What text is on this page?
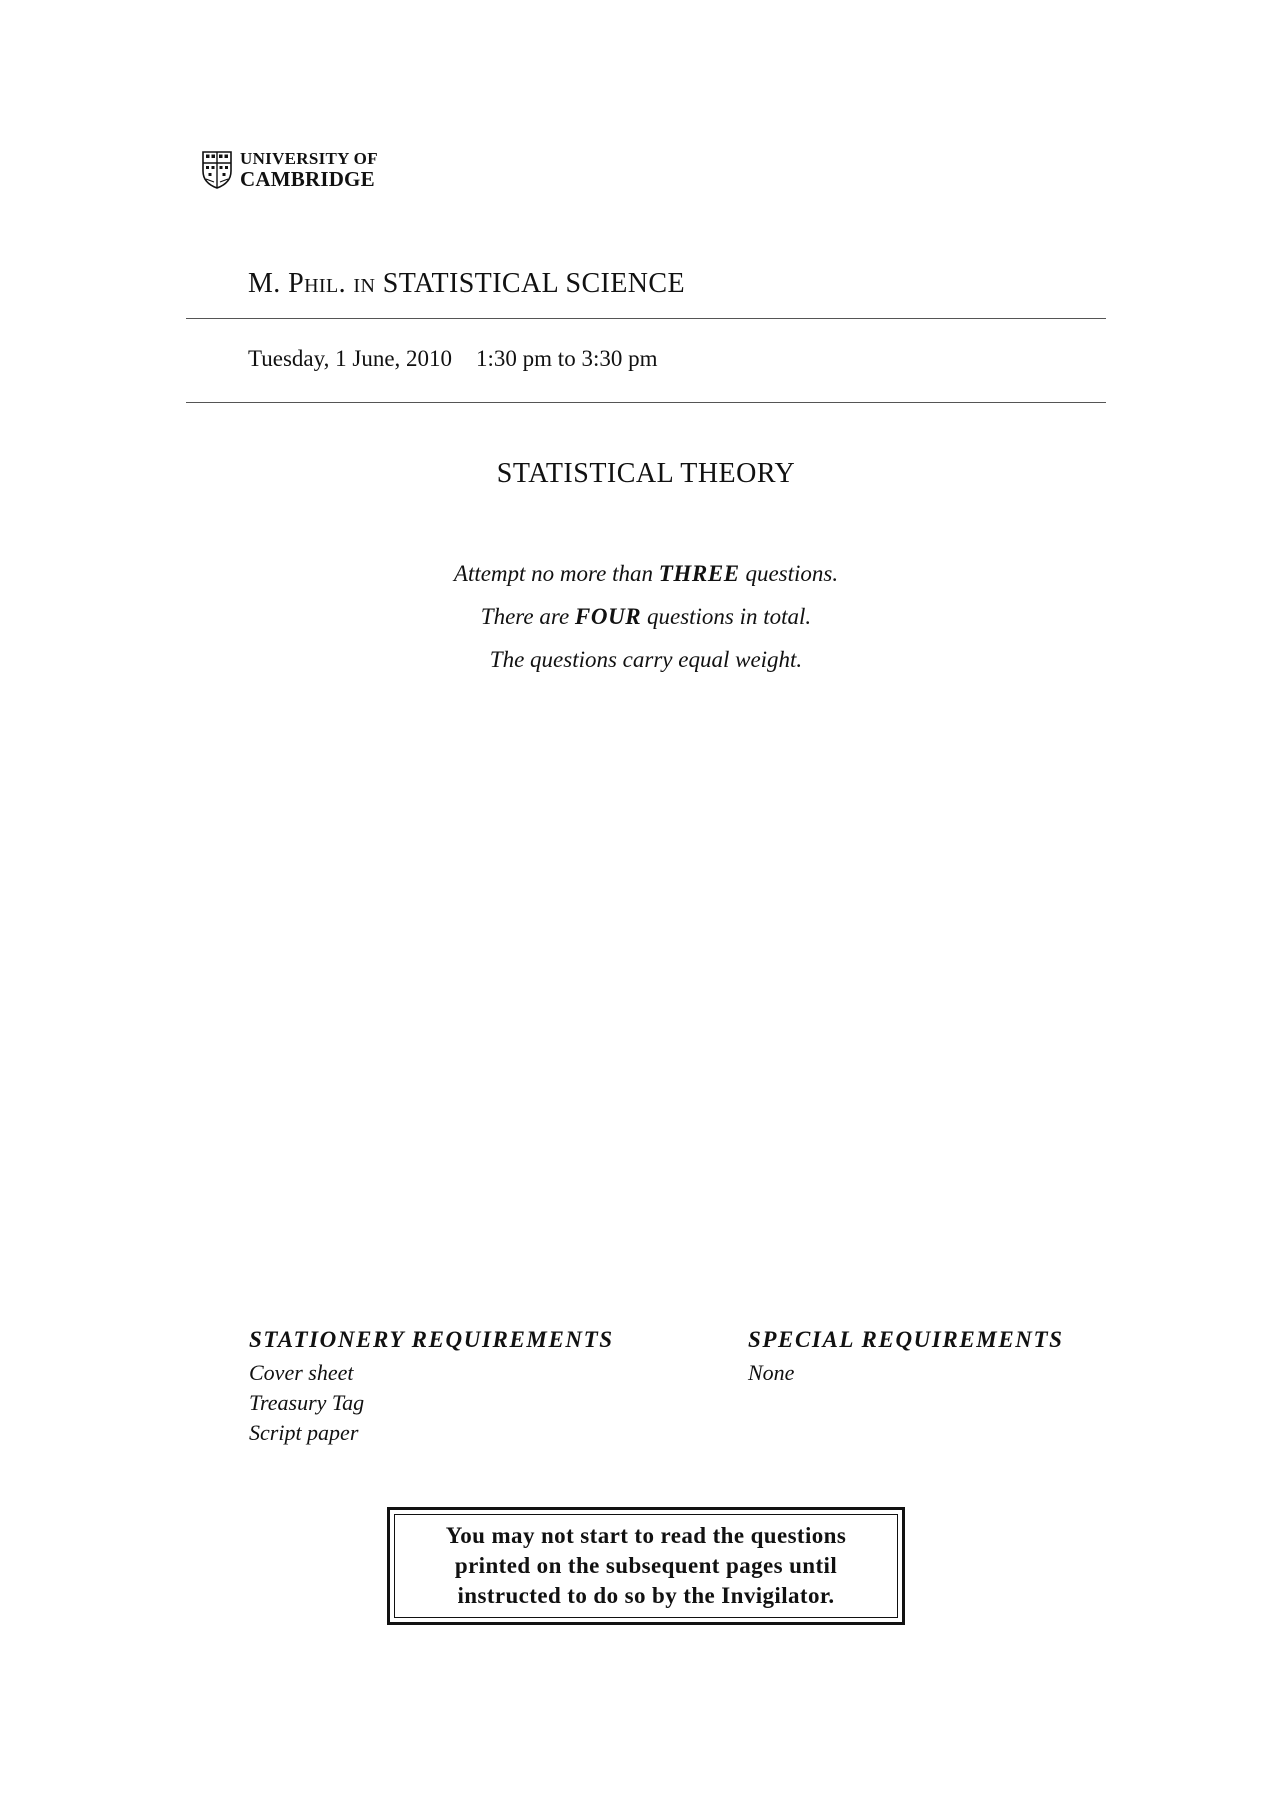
UNIVERSITY OF
CAMBRIDGE
M. Phil. in STATISTICAL SCIENCE
Tuesday, 1 June, 2010 1:30 pm to 3:30 pm
STATISTICAL THEORY
Attempt no more than THREE questions.
There are FOUR questions in total.
The questions carry equal weight.
STATIONERY REQUIREMENTS
Cover sheet
Treasury Tag
Script paper
SPECIAL REQUIREMENTS
None
You may not start to read the questions
printed on the subsequent pages until
instructed to do so by the Invigilator.
